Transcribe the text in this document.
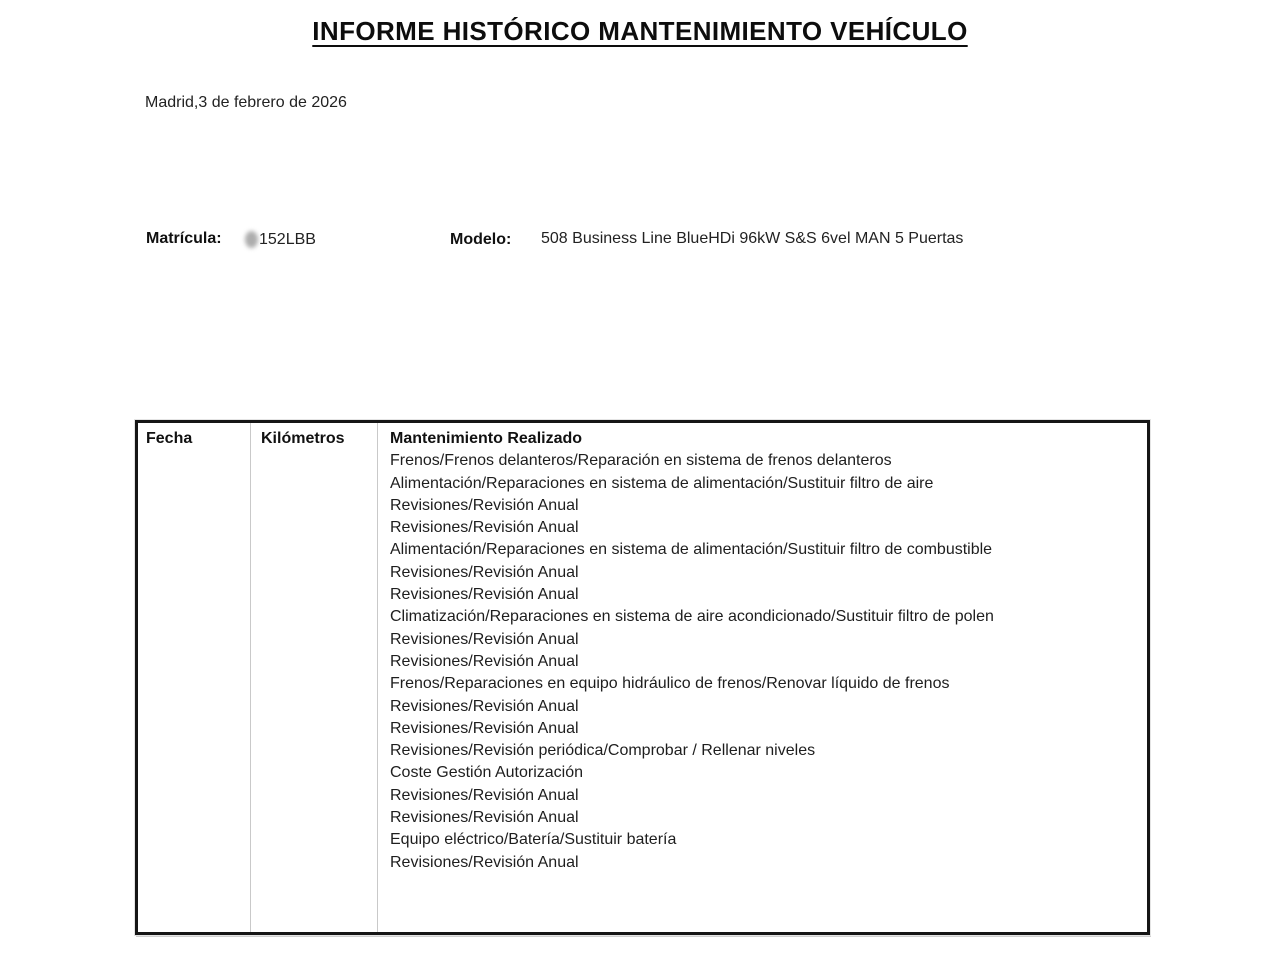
INFORME HISTÓRICO MANTENIMIENTO VEHÍCULO
Madrid,3 de febrero de 2026
Matrícula:	152LBB	Modelo: 508 Business Line BlueHDi 96kW S&S 6vel MAN 5 Puertas
Fecha	Kilómetros	Mantenimiento Realizado
Frenos/Frenos delanteros/Reparación en sistema de frenos delanteros
Alimentación/Reparaciones en sistema de alimentación/Sustituir filtro de aire
Revisiones/Revisión Anual
Revisiones/Revisión Anual
Alimentación/Reparaciones en sistema de alimentación/Sustituir filtro de combustible
Revisiones/Revisión Anual
Revisiones/Revisión Anual
Climatización/Reparaciones en sistema de aire acondicionado/Sustituir filtro de polen
Revisiones/Revisión Anual
Revisiones/Revisión Anual
Frenos/Reparaciones en equipo hidráulico de frenos/Renovar líquido de frenos
Revisiones/Revisión Anual
Revisiones/Revisión Anual
Revisiones/Revisión periódica/Comprobar / Rellenar niveles
Coste Gestión Autorización
Revisiones/Revisión Anual
Revisiones/Revisión Anual
Equipo eléctrico/Batería/Sustituir batería
Revisiones/Revisión Anual
